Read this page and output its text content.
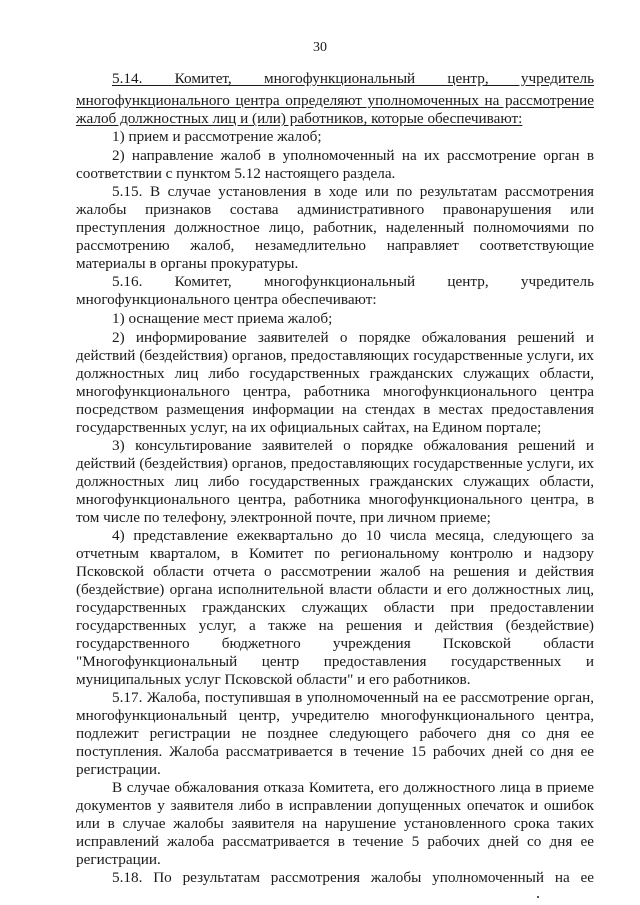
30
5.14. Комитет, многофункциональный центр, учредитель
многофункционального центра определяют уполномоченных на рассмотрение
жалоб должностных лиц и (или) работников, которые обеспечивают:
1) прием и рассмотрение жалоб;
2) направление жалоб в уполномоченный на их рассмотрение орган в
соответствии с пунктом 5.12 настоящего раздела.
5.15. В случае установления в ходе или по результатам рассмотрения
жалобы признаков состава административного правонарушения или
преступления должностное лицо, работник, наделенный полномочиями по
рассмотрению жалоб, незамедлительно направляет соответствующие
материалы в органы прокуратуры.
5.16. Комитет, многофункциональный центр, учредитель
многофункционального центра обеспечивают:
1) оснащение мест приема жалоб;
2) информирование заявителей о порядке обжалования решений и
действий (бездействия) органов, предоставляющих государственные услуги, их
должностных лиц либо государственных гражданских служащих области,
многофункционального центра, работника многофункционального центра
посредством размещения информации на стендах в местах предоставления
государственных услуг, на их официальных сайтах, на Едином портале;
3) консультирование заявителей о порядке обжалования решений и
действий (бездействия) органов, предоставляющих государственные услуги, их
должностных лиц либо государственных гражданских служащих области,
многофункционального центра, работника многофункционального центра, в
том числе по телефону, электронной почте, при личном приеме;
4) представление ежеквартально до 10 числа месяца, следующего за
отчетным кварталом, в Комитет по региональному контролю и надзору
Псковской области отчета о рассмотрении жалоб на решения и действия
(бездействие) органа исполнительной власти области и его должностных лиц,
государственных гражданских служащих области при предоставлении
государственных услуг, а также на решения и действия (бездействие)
государственного бюджетного учреждения Псковской области
"Многофункциональный центр предоставления государственных и
муниципальных услуг Псковской области" и его работников.
5.17. Жалоба, поступившая в уполномоченный на ее рассмотрение орган,
многофункциональный центр, учредителю многофункционального центра,
подлежит регистрации не позднее следующего рабочего дня со дня ее
поступления. Жалоба рассматривается в течение 15 рабочих дней со дня ее
регистрации.
В случае обжалования отказа Комитета, его должностного лица в приеме
документов у заявителя либо в исправлении допущенных опечаток и ошибок
или в случае жалобы заявителя на нарушение установленного срока таких
исправлений жалоба рассматривается в течение 5 рабочих дней со дня ее
регистрации.
5.18. По результатам рассмотрения жалобы уполномоченный на ее
